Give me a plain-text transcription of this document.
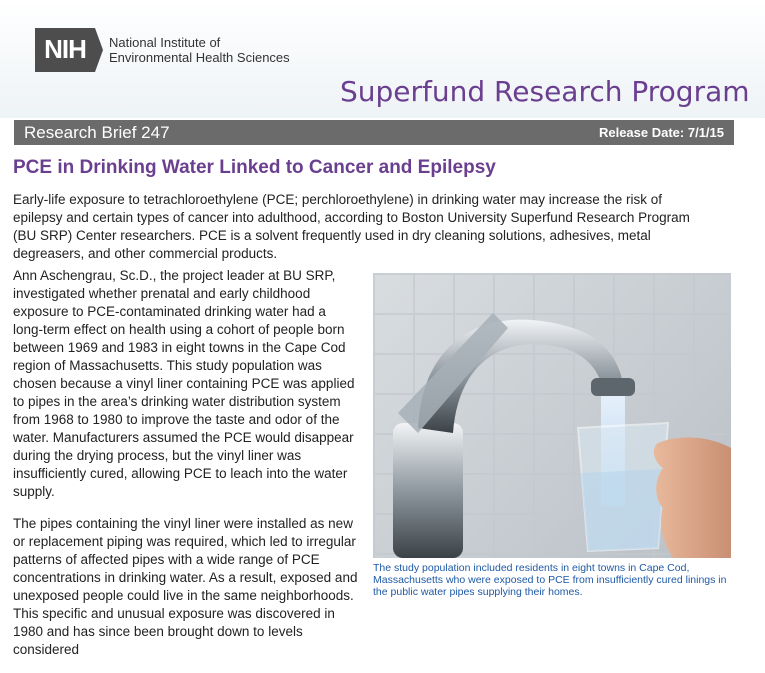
NIH	National Institute of
Environmental Health Sciences
Superfund Research Program
Research Brief 247	Release Date: 7/1/15
PCE in Drinking Water Linked to Cancer and Epilepsy
Early-life exposure to tetrachloroethylene (PCE; perchloroethylene) in drinking water may increase the risk of epilepsy and certain types of cancer into adulthood, according to Boston University Superfund Research Program (BU SRP) Center researchers. PCE is a solvent frequently used in dry cleaning solutions, adhesives, metal degreasers, and other commercial products.

Ann Aschengrau, Sc.D., the project leader at BU SRP, investigated whether prenatal and early childhood exposure to PCE-contaminated drinking water had a long-term effect on health using a cohort of people born between 1969 and 1983 in eight towns in the Cape Cod region of Massachusetts. This study population was chosen because a vinyl liner containing PCE was applied to pipes in the area’s drinking water distribution system from 1968 to 1980 to improve the taste and odor of the water. Manufacturers assumed the PCE would disappear during the drying process, but the vinyl liner was insufficiently cured, allowing PCE to leach into the water supply.

The pipes containing the vinyl liner were installed as new or replacement piping was required, which led to irregular patterns of affected pipes with a wide range of PCE concentrations in drinking water. As a result, exposed and unexposed people could live in the same neighborhoods. This specific and unusual exposure was discovered in 1980 and has since been brought down to levels considered

The study population included residents in eight towns in Cape Cod, Massachusetts who were exposed to PCE from insufficiently cured linings in the public water pipes supplying their homes.
